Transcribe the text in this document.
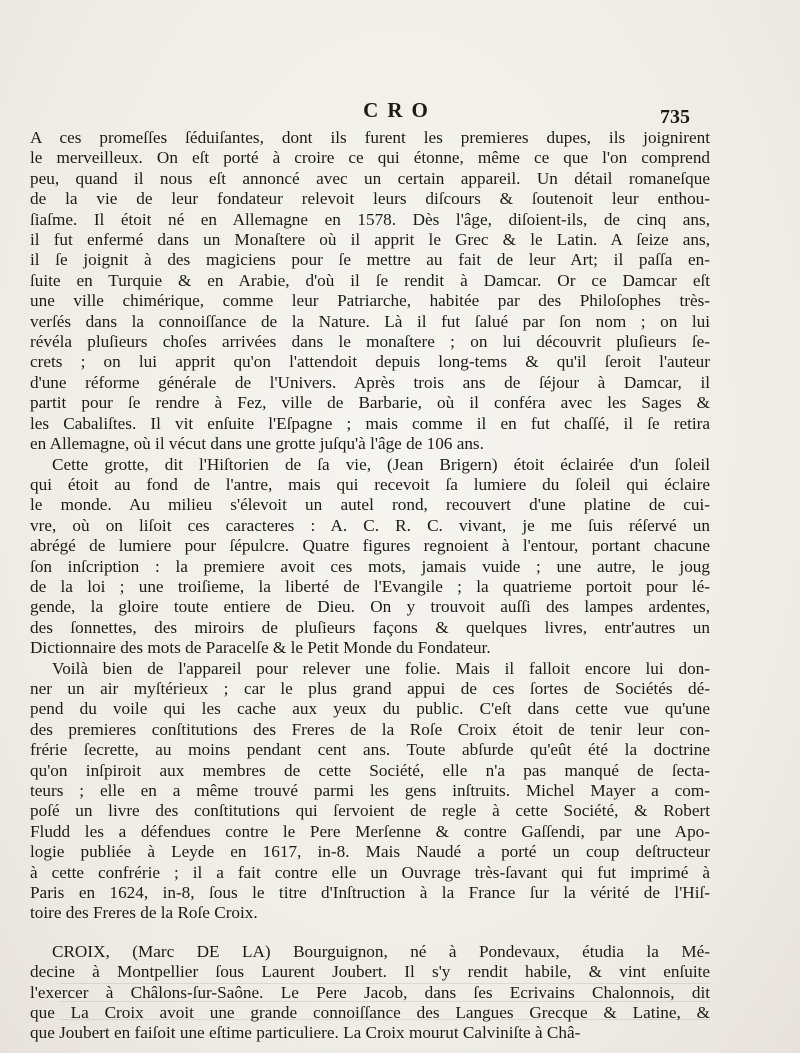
CRO	735
A ces promeſſes ſéduiſantes, dont ils furent les premieres dupes, ils joignirent
le merveilleux. On eſt porté à croire ce qui étonne, même ce que l'on comprend
peu, quand il nous eſt annoncé avec un certain appareil. Un détail romaneſque
de la vie de leur fondateur relevoit leurs diſcours & ſoutenoit leur enthou-
ſiaſme. Il étoit né en Allemagne en 1578. Dès l'âge, diſoient-ils, de cinq ans,
il fut enfermé dans un Monaſtere où il apprit le Grec & le Latin. A ſeize ans,
il ſe joignit à des magiciens pour ſe mettre au fait de leur Art; il paſſa en-
ſuite en Turquie & en Arabie, d'où il ſe rendit à Damcar. Or ce Damcar eſt
une ville chimérique, comme leur Patriarche, habitée par des Philoſophes très-
verſés dans la connoiſſance de la Nature. Là il fut ſalué par ſon nom ; on lui
révéla pluſieurs choſes arrivées dans le monaſtere ; on lui découvrit pluſieurs ſe-
crets ; on lui apprit qu'on l'attendoit depuis long-tems & qu'il ſeroit l'auteur
d'une réforme générale de l'Univers. Après trois ans de ſéjour à Damcar, il
partit pour ſe rendre à Fez, ville de Barbarie, où il conféra avec les Sages &
les Cabaliſtes. Il vit enſuite l'Eſpagne ; mais comme il en fut chaſſé, il ſe retira
en Allemagne, où il vécut dans une grotte juſqu'à l'âge de 106 ans.
Cette grotte, dit l'Hiſtorien de ſa vie, (Jean Brigern) étoit éclairée d'un ſoleil
qui étoit au fond de l'antre, mais qui recevoit ſa lumiere du ſoleil qui éclaire
le monde. Au milieu s'élevoit un autel rond, recouvert d'une platine de cui-
vre, où on liſoit ces caracteres : A. C. R. C. vivant, je me ſuis réſervé un
abrégé de lumiere pour ſépulcre. Quatre figures regnoient à l'entour, portant chacune
ſon inſcription : la premiere avoit ces mots, jamais vuide ; une autre, le joug
de la loi ; une troiſieme, la liberté de l'Evangile ; la quatrieme portoit pour lé-
gende, la gloire toute entiere de Dieu. On y trouvoit auſſi des lampes ardentes,
des ſonnettes, des miroirs de pluſieurs façons & quelques livres, entr'autres un
Dictionnaire des mots de Paracelſe & le Petit Monde du Fondateur.
Voilà bien de l'appareil pour relever une folie. Mais il falloit encore lui don-
ner un air myſtérieux ; car le plus grand appui de ces ſortes de Sociétés dé-
pend du voile qui les cache aux yeux du public. C'eſt dans cette vue qu'une
des premieres conſtitutions des Freres de la Roſe Croix étoit de tenir leur con-
frérie ſecrette, au moins pendant cent ans. Toute abſurde qu'eût été la doctrine
qu'on inſpiroit aux membres de cette Société, elle n'a pas manqué de ſecta-
teurs ; elle en a même trouvé parmi les gens inſtruits. Michel Mayer a com-
poſé un livre des conſtitutions qui ſervoient de regle à cette Société, & Robert
Fludd les a défendues contre le Pere Merſenne & contre Gaſſendi, par une Apo-
logie publiée à Leyde en 1617, in-8. Mais Naudé a porté un coup deſtructeur
à cette confrérie ; il a fait contre elle un Ouvrage très-ſavant qui fut imprimé à
Paris en 1624, in-8, ſous le titre d'Inſtruction à la France ſur la vérité de l'Hiſ-
toire des Freres de la Roſe Croix.
CROIX, (Marc DE LA) Bourguignon, né à Pondevaux, étudia la Mé-
decine à Montpellier ſous Laurent Joubert. Il s'y rendit habile, & vint enſuite
l'exercer à Châlons-ſur-Saône. Le Pere Jacob, dans ſes Ecrivains Chalonnois, dit
que La Croix avoit une grande connoiſſance des Langues Grecque & Latine, &
que Joubert en faiſoit une eſtime particuliere. La Croix mourut Calviniſte à Châ-
